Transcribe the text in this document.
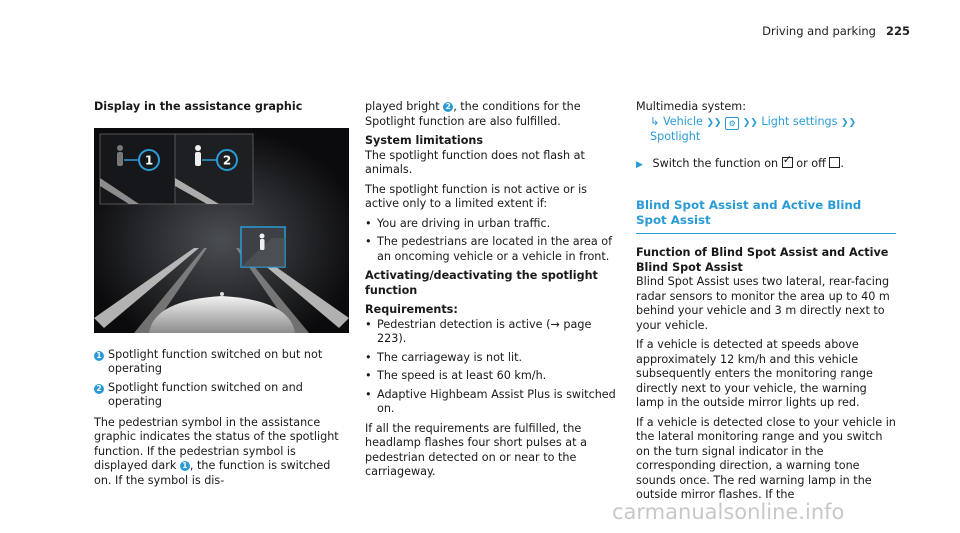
Driving and parking 225

Display in the assistance graphic

1	2
1 Spotlight function switched on but not operating
2 Spotlight function switched on and operating

The pedestrian symbol in the assistance graphic indicates the status of the spotlight function. If the pedestrian symbol is displayed dark 1 , the function is switched on. If the symbol is dis-

played bright 2 , the conditions for the Spotlight function are also fulfilled.

System limitations

The spotlight function does not flash at animals.

The spotlight function is not active or is active only to a limited extent if:

• You are driving in urban traffic.
• The pedestrians are located in the area of an oncoming vehicle or a vehicle in front.

Activating/deactivating the spotlight function

Requirements:

• Pedestrian detection is active (→ page 223).
• The carriageway is not lit.
• The speed is at least 60 km/h.
• Adaptive Highbeam Assist Plus is switched on.

If all the requirements are fulfilled, the headlamp flashes four short pulses at a pedestrian detected on or near to the carriageway.

Multimedia system:

↳ Vehicle ❯❯ ⚙ ❯❯ Light settings ❯❯ Spotlight

▶ Switch the function on ✓ or off .

Blind Spot Assist and Active Blind Spot Assist

Function of Blind Spot Assist and Active Blind Spot Assist

Blind Spot Assist uses two lateral, rear-facing radar sensors to monitor the area up to 40 m behind your vehicle and 3 m directly next to your vehicle.

If a vehicle is detected at speeds above approximately 12 km/h and this vehicle subsequently enters the monitoring range directly next to your vehicle, the warning lamp in the outside mirror lights up red.

If a vehicle is detected close to your vehicle in the lateral monitoring range and you switch on the turn signal indicator in the corresponding direction, a warning tone sounds once. The red warning lamp in the outside mirror flashes. If the

carmanualsonline.info
